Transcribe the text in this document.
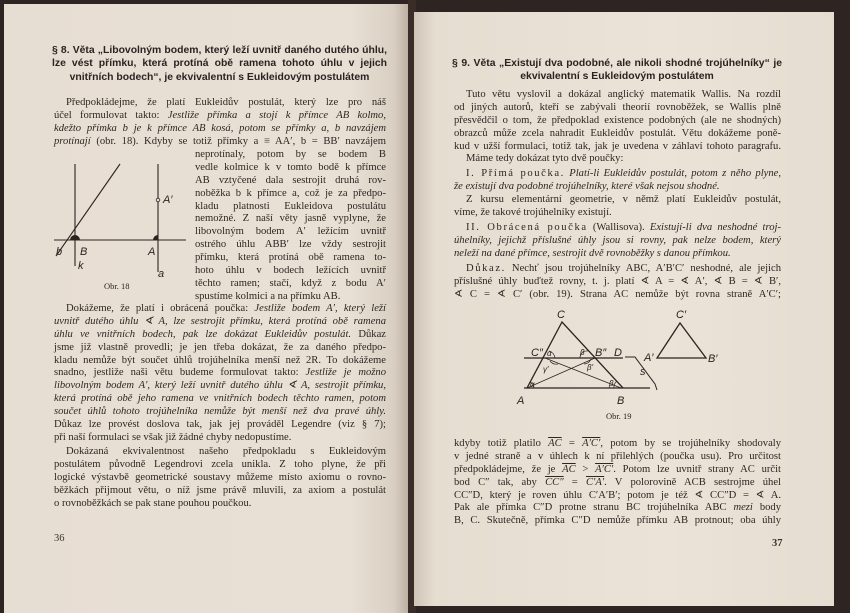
§ 8. Věta „Libovolným bodem, který leží uvnitř daného dutého úhlu,
lze vést přímku, která protíná obě ramena tohoto úhlu v jejich
vnitřních bodech“, je ekvivalentní s Eukleidovým postulátem
Předpokládejme, že platí Eukleidův postulát, který lze pro náš
účel formulovat takto: Jestliže přímka a stojí k přímce AB kolmo,
kdežto přímka b je k přímce AB kosá, potom se přímky a, b navzájem
protínají (obr. 18). Kdyby se totiž přímky a ≡ AA′, b = BB′ navzájem
neprotínaly, potom by se bodem B
vedle kolmice k v tomto bodě k přímce
AB vztyčené dala sestrojit druhá rov-
noběžka b k přímce a, což je za předpo-
kladu platnosti Eukleidova postulátu
nemožné. Z naší věty jasně vyplyne, že
libovolným bodem A′ ležícím uvnitř
ostrého úhlu ABB′ lze vždy sestrojit
přímku, která protíná obě ramena to-
hoto úhlu v bodech ležících uvnitř
těchto ramen; stačí, když z bodu A′
spustíme kolmici a na přímku AB.
Dokážeme, že platí i obrácená poučka: Jestliže bodem A′, který leží
uvnitř dutého úhlu ∢ A, lze sestrojit přímku, která protíná obě ramena
úhlu ve vnitřních bodech, pak lze dokázat Eukleidův postulát. Důkaz
jsme již vlastně provedli; je jen třeba dokázat, že za daného předpo-
kladu nemůže být součet úhlů trojúhelníka menší než 2R. To dokážeme
snadno, jestliže naši větu budeme formulovat takto: Jestliže je možno
libovolným bodem A′, který leží uvnitř dutého úhlu ∢ A, sestrojit přímku,
která protíná obě jeho ramena ve vnitřních bodech těchto ramen, potom
součet úhlů tohoto trojúhelníka nemůže být menší než dva pravé úhly.
Důkaz lze provést doslova tak, jak jej prováděl Legendre (viz § 7);
při naší formulaci se však již žádné chyby nedopustíme.
Dokázaná ekvivalentnost našeho předpokladu s Eukleidovým
postulátem původně Legendrovi zcela unikla. Z toho plyne, že při
logické výstavbě geometrické soustavy můžeme místo axiomu o rovno-
běžkách přijmout větu, o níž jsme právě mluvili, za axiom a postulát
o rovnoběžkách se pak stane pouhou poučkou.
A′
b B	A
k
a
Obr. 18
36
§ 9. Věta „Existují dva podobné, ale nikoli shodné trojúhelníky“ je
ekvivalentní s Eukleidovým postulátem
Tuto větu vyslovil a dokázal anglický matematik Wallis. Na rozdíl
od jiných autorů, kteří se zabývali theorií rovnoběžek, se Wallis plně
přesvědčil o tom, že předpoklad existence podobných (ale ne shodných)
obrazců může zcela nahradit Eukleidův postulát. Větu dokážeme poně-
kud v užší formulaci, totiž tak, jak je uvedena v záhlaví tohoto paragrafu.
Máme tedy dokázat tyto dvě poučky:
I. Přímá poučka. Platí-li Eukleidův postulát, potom z něho plyne,
že existují dva podobné trojúhelníky, které však nejsou shodné.
Z kursu elementární geometrie, v němž platí Eukleidův postulát,
víme, že takové trojúhelníky existují.
II. Obrácená poučka (Wallisova). Existují-li dva neshodné troj-
úhelníky, jejichž příslušné úhly jsou si rovny, pak nelze bodem, který
neleží na dané přímce, sestrojit dvě rovnoběžky s danou přímkou.
Důkaz. Nechť jsou trojúhelníky ABC, A′B′C′ neshodné, ale jejich
příslušné úhly buďtež rovny, t. j. platí ∢ A = ∢ A′, ∢ B = ∢ B′,
∢ C = ∢ C′ (obr. 19). Strana AC nemůže být rovna straně A′C′;
kdyby totiž platilo $\overline{AC} = A'C'$, potom by se trojúhelníky shodovaly
v jedné straně a v úhlech k ní přilehlých (poučka usu). Pro určitost
předpokládejme, že je $\overline{AC} > A'C'$. Potom lze uvnitř strany AC určit
bod C″ tak, aby CC″ = C′A′. V polorovině ACB sestrojme úhel
CC″D, který je roven úhlu C′A′B′; potom je též ∢ CC″D = ∢ A.
Pak ale přímka C″D protne stranu BC trojúhelníka ABC mezi body
B, C. Skutečně, přímka C″D nemůže přímku AB protnout; oba úhly
C
A	B
C″	B″ D
s
A′	B′
C′
α	β
γ′	β′
α	β
Obr. 19
37
